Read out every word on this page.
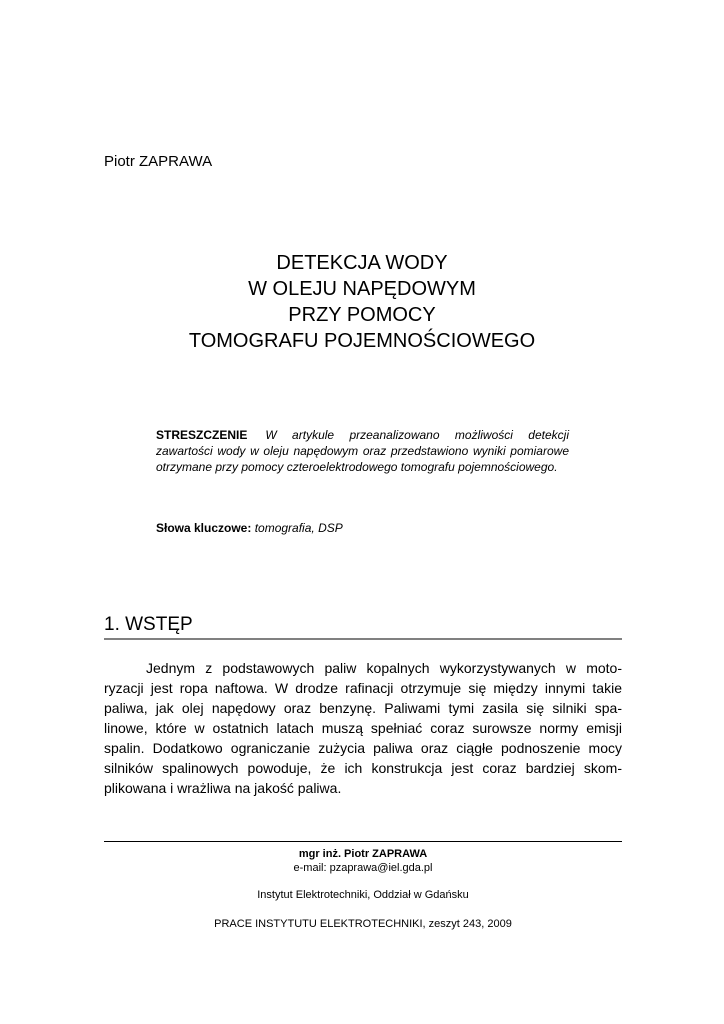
Piotr ZAPRAWA
DETEKCJA WODY
W OLEJU NAPĘDOWYM
PRZY POMOCY
TOMOGRAFU POJEMNOŚCIOWEGO
STRESZCZENIE W artykule przeanalizowano możliwości detekcji zawartości wody w oleju napędowym oraz przedstawiono wyniki pomiarowe otrzymane przy pomocy czteroelektrodowego tomografu pojemnościowego.
Słowa kluczowe: tomografia, DSP
1. WSTĘP
Jednym z podstawowych paliw kopalnych wykorzystywanych w moto-
ryzacji jest ropa naftowa. W drodze rafinacji otrzymuje się między innymi takie
paliwa, jak olej napędowy oraz benzynę. Paliwami tymi zasila się silniki spa-
linowe, które w ostatnich latach muszą spełniać coraz surowsze normy emisji
spalin. Dodatkowo ograniczanie zużycia paliwa oraz ciągłe podnoszenie mocy
silników spalinowych powoduje, że ich konstrukcja jest coraz bardziej skom-
plikowana i wrażliwa na jakość paliwa.
mgr inż. Piotr ZAPRAWA
e-mail: pzaprawa@iel.gda.pl
Instytut Elektrotechniki, Oddział w Gdańsku
PRACE INSTYTUTU ELEKTROTECHNIKI, zeszyt 243, 2009
